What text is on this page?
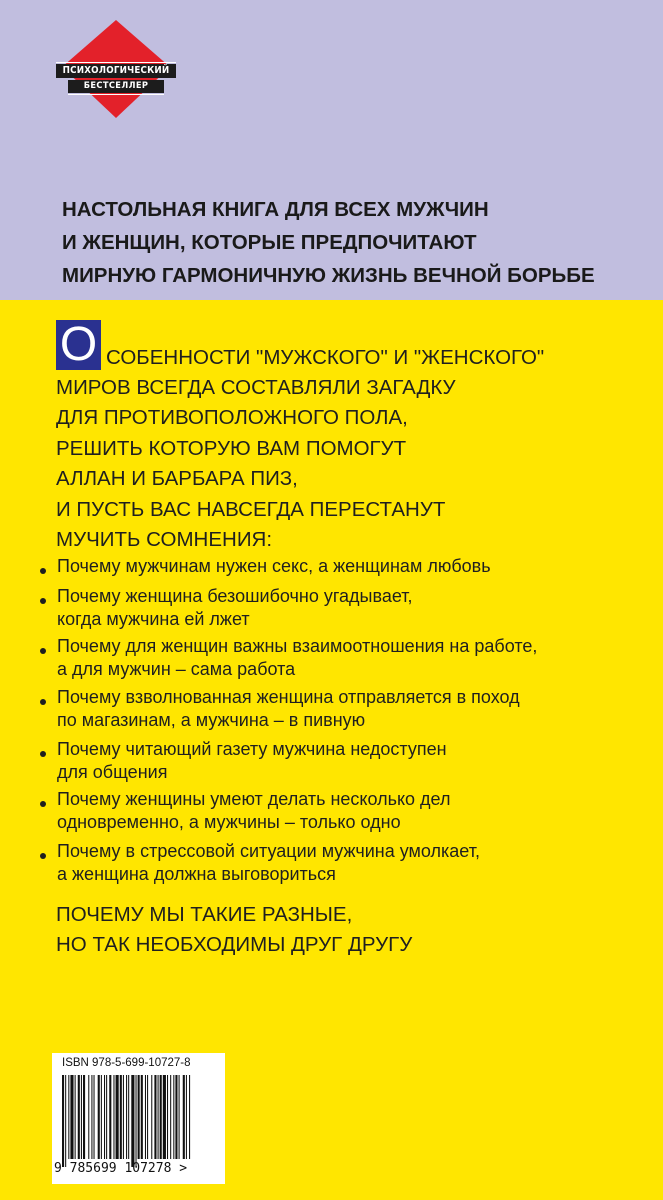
ПСИХОЛОГИЧЕСКИЙ
БЕСТСЕЛЛЕР
НАСТОЛЬНАЯ КНИГА ДЛЯ ВСЕХ МУЖЧИН
И ЖЕНЩИН, КОТОРЫЕ ПРЕДПОЧИТАЮТ
МИРНУЮ ГАРМОНИЧНУЮ ЖИЗНЬ ВЕЧНОЙ БОРЬБЕ
О СОБЕННОСТИ "МУЖСКОГО" И "ЖЕНСКОГО"
МИРОВ ВСЕГДА СОСТАВЛЯЛИ ЗАГАДКУ
ДЛЯ ПРОТИВОПОЛОЖНОГО ПОЛА,
РЕШИТЬ КОТОРУЮ ВАМ ПОМОГУТ
АЛЛАН И БАРБАРА ПИЗ,
И ПУСТЬ ВАС НАВСЕГДА ПЕРЕСТАНУТ
МУЧИТЬ СОМНЕНИЯ:
Почему мужчинам нужен секс, а женщинам любовь
Почему женщина безошибочно угадывает,
когда мужчина ей лжет
Почему для женщин важны взаимоотношения на работе,
а для мужчин – сама работа
Почему взволнованная женщина отправляется в поход
по магазинам, а мужчина – в пивную
Почему читающий газету мужчина недоступен
для общения
Почему женщины умеют делать несколько дел
одновременно, а мужчины – только одно
Почему в стрессовой ситуации мужчина умолкает,
а женщина должна выговориться
ПОЧЕМУ МЫ ТАКИЕ РАЗНЫЕ,
НО ТАК НЕОБХОДИМЫ ДРУГ ДРУГУ
ISBN 978-5-699-10727-8
9 785699 107278 >
